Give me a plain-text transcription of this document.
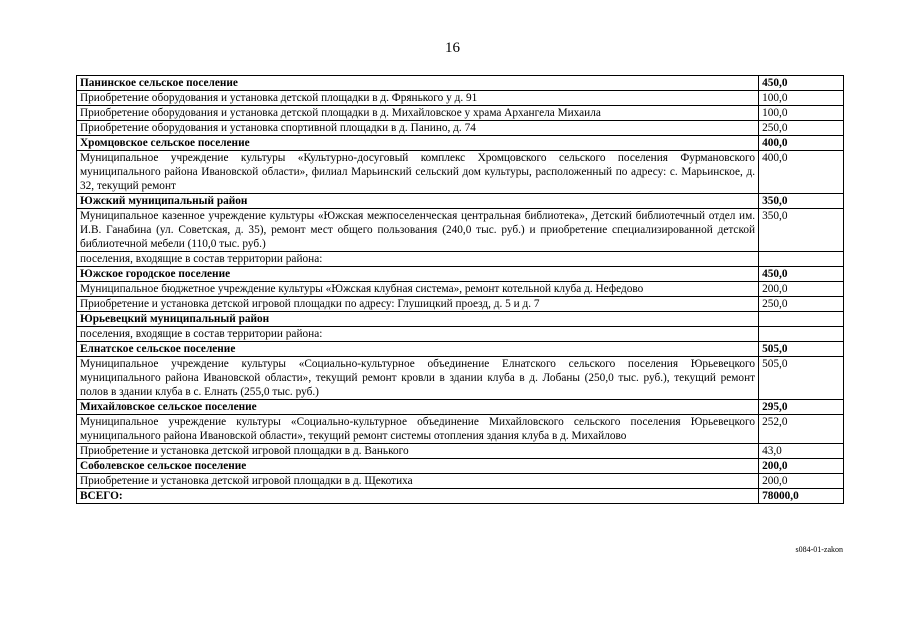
16
Панинское сельское поселение	450,0
Приобретение оборудования и установка детской площадки в д. Фрянького у д. 91	100,0
Приобретение оборудования и установка детской площадки в д. Михайловское у храма Архангела Михаила	100,0
Приобретение оборудования и установка спортивной площадки в д. Панино, д. 74	250,0
Хромцовское сельское поселение	400,0
Муниципальное учреждение культуры «Культурно-досуговый комплекс Хромцовского сельского поселения Фурмановского муниципального района Ивановской области», филиал Марьинский сельский дом культуры, расположенный по адресу: с. Марьинское, д. 32, текущий ремонт	400,0
Южский муниципальный район	350,0
Муниципальное казенное учреждение культуры «Южская межпоселенческая центральная библиотека», Детский библиотечный отдел им. И.В. Ганабина (ул. Советская, д. 35), ремонт мест общего пользования (240,0 тыс. руб.) и приобретение специализированной детской библиотечной мебели (110,0 тыс. руб.)	350,0
поселения, входящие в состав территории района:	
Южское городское поселение	450,0
Муниципальное бюджетное учреждение культуры «Южская клубная система», ремонт котельной клуба д. Нефедово	200,0
Приобретение и установка детской игровой площадки по адресу: Глушицкий проезд, д. 5 и д. 7	250,0
Юрьевецкий муниципальный район	
поселения, входящие в состав территории района:	
Елнатское сельское поселение	505,0
Муниципальное учреждение культуры «Социально-культурное объединение Елнатского сельского поселения Юрьевецкого муниципального района Ивановской области», текущий ремонт кровли в здании клуба в д. Лобаны (250,0 тыс. руб.), текущий ремонт полов в здании клуба в с. Елнать (255,0 тыс. руб.)	505,0
Михайловское сельское поселение	295,0
Муниципальное учреждение культуры «Социально-культурное объединение Михайловского сельского поселения Юрьевецкого муниципального района Ивановской области», текущий ремонт системы отопления здания клуба в д. Михайлово	252,0
Приобретение и установка детской игровой площадки в д. Ванького	43,0
Соболевское сельское поселение	200,0
Приобретение и установка детской игровой площадки в д. Щекотиха	200,0
ВСЕГО:	78000,0
s084-01-zakon
